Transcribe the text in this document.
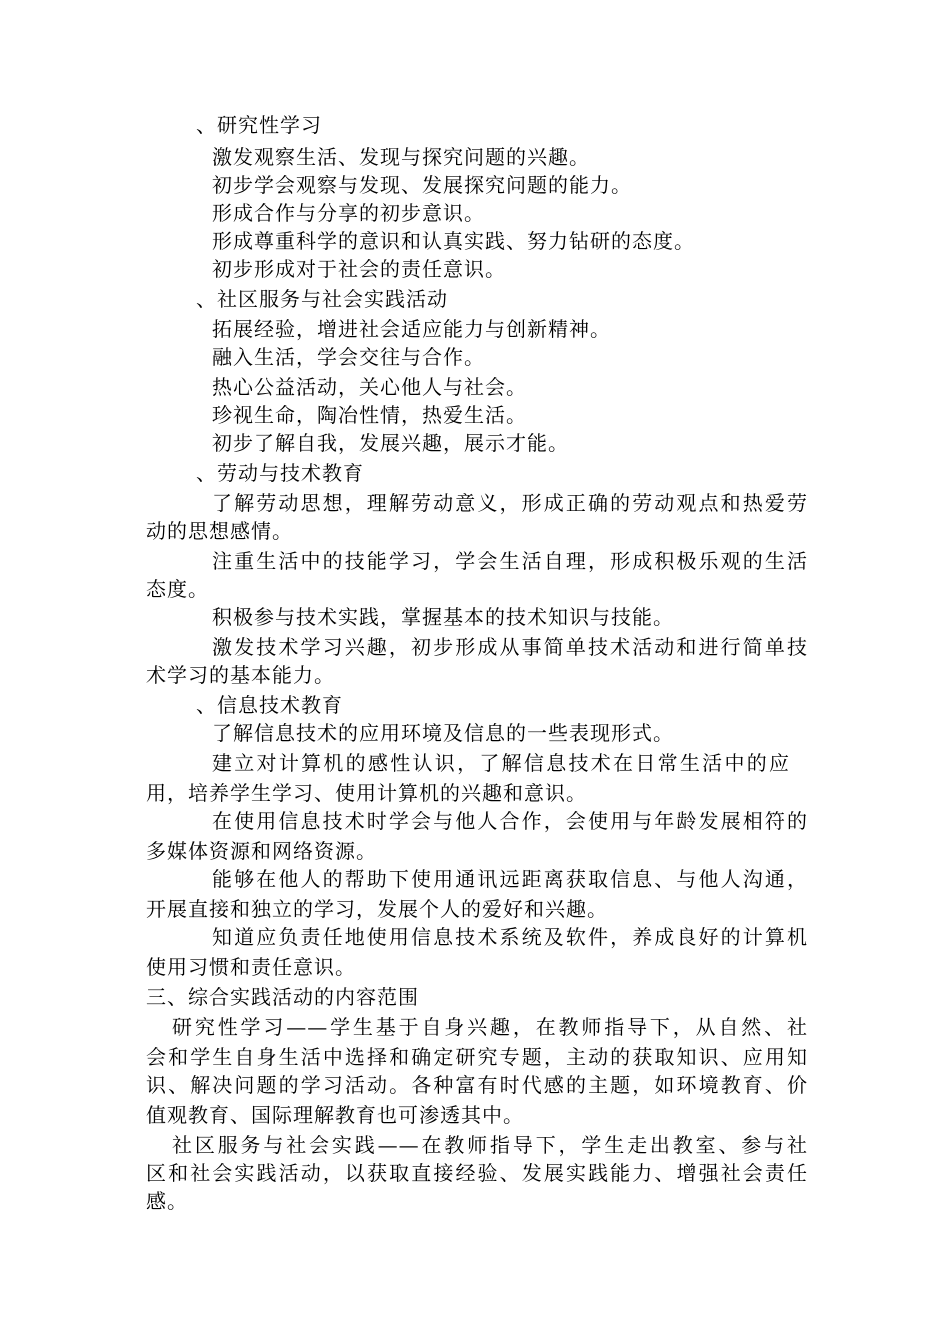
、研究性学习
激发观察生活、发现与探究问题的兴趣。
初步学会观察与发现、发展探究问题的能力。
形成合作与分享的初步意识。
形成尊重科学的意识和认真实践、努力钻研的态度。
初步形成对于社会的责任意识。
、社区服务与社会实践活动
拓展经验，增进社会适应能力与创新精神。
融入生活，学会交往与合作。
热心公益活动，关心他人与社会。
珍视生命，陶冶性情，热爱生活。
初步了解自我，发展兴趣，展示才能。
、劳动与技术教育
了解劳动思想，理解劳动意义，形成正确的劳动观点和热爱劳
动的思想感情。
注重生活中的技能学习，学会生活自理，形成积极乐观的生活
态度。
积极参与技术实践，掌握基本的技术知识与技能。
激发技术学习兴趣，初步形成从事简单技术活动和进行简单技
术学习的基本能力。
、信息技术教育
了解信息技术的应用环境及信息的一些表现形式。
建立对计算机的感性认识，了解信息技术在日常生活中的应
用，培养学生学习、使用计算机的兴趣和意识。
在使用信息技术时学会与他人合作，会使用与年龄发展相符的
多媒体资源和网络资源。
能够在他人的帮助下使用通讯远距离获取信息、与他人沟通，
开展直接和独立的学习，发展个人的爱好和兴趣。
知道应负责任地使用信息技术系统及软件，养成良好的计算机
使用习惯和责任意识。
三、综合实践活动的内容范围
研究性学习——学生基于自身兴趣，在教师指导下，从自然、社
会和学生自身生活中选择和确定研究专题，主动的获取知识、应用知
识、解决问题的学习活动。各种富有时代感的主题，如环境教育、价
值观教育、国际理解教育也可渗透其中。
社区服务与社会实践——在教师指导下，学生走出教室、参与社
区和社会实践活动，以获取直接经验、发展实践能力、增强社会责任
感。
